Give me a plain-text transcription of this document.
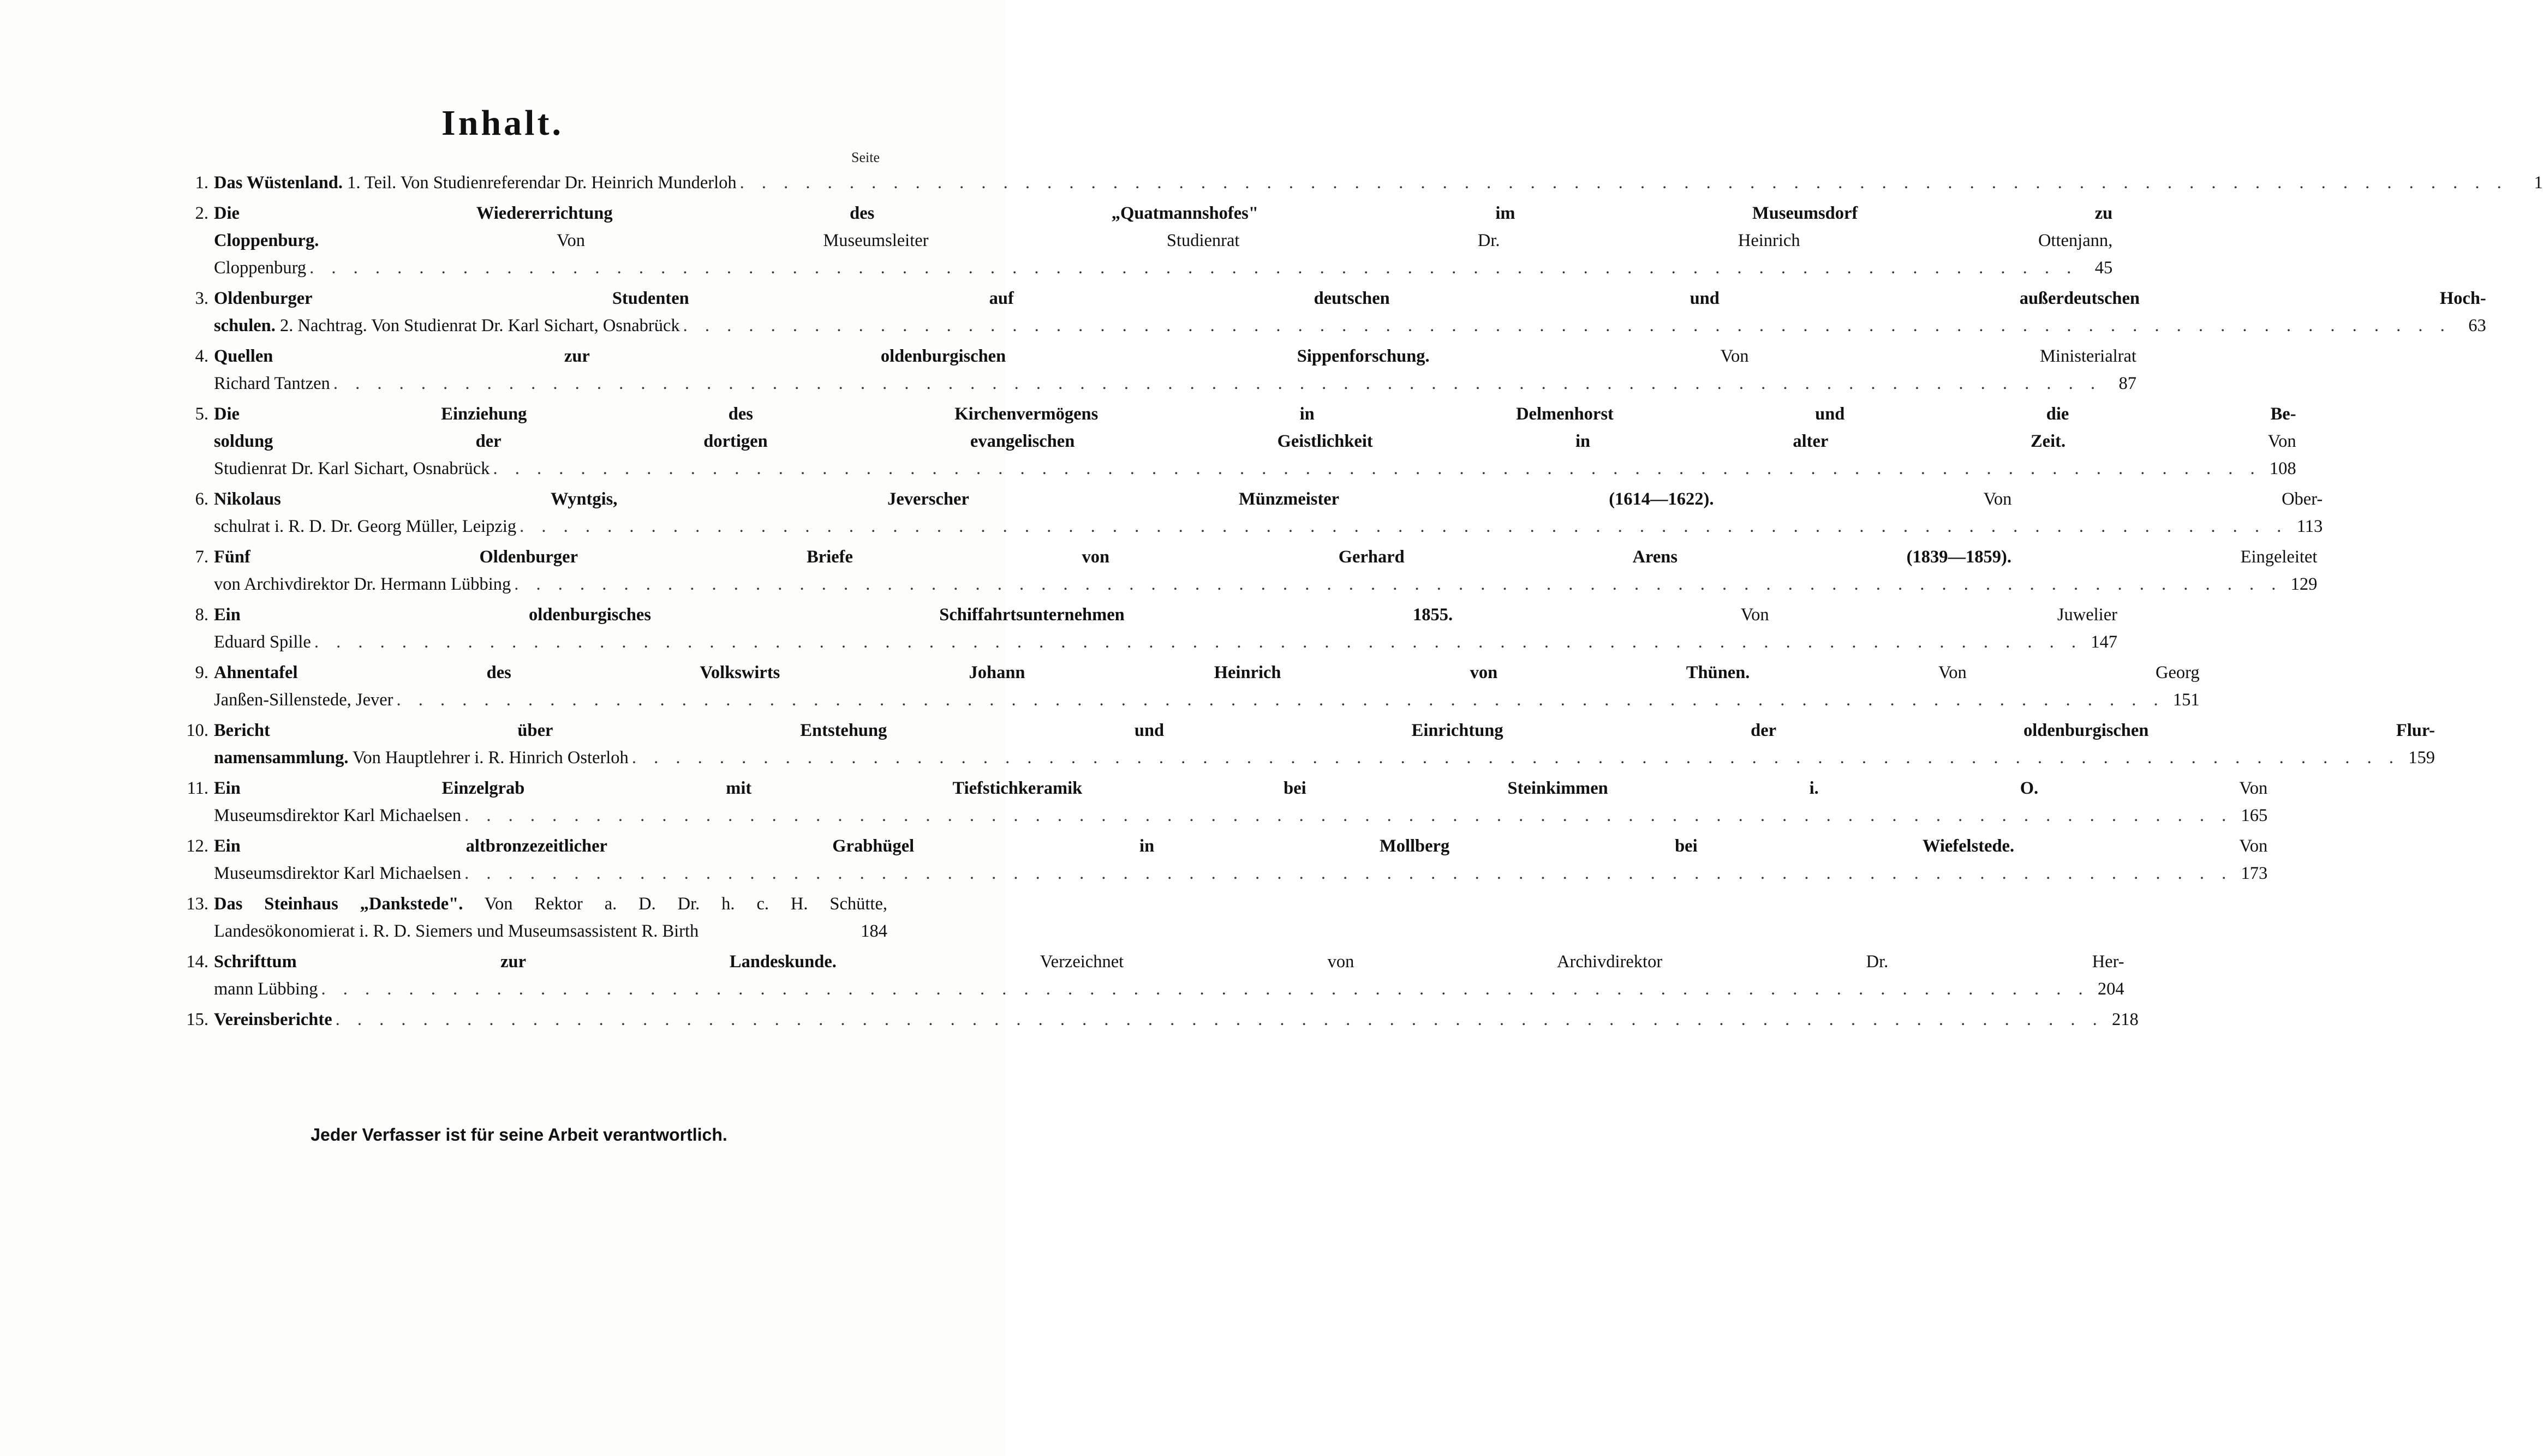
Inhalt.
Seite
1. Das Wüstenland. 1. Teil. Von Studienreferendar Dr. Heinrich Munderloh . . .	1
2. Die Wiedererrichtung des „Quatmannshofes" im Museumsdorf zu
Cloppenburg. Von Museumsleiter Studienrat Dr. Heinrich Ottenjann,
Cloppenburg . . .	45
3. Oldenburger Studenten auf deutschen und außerdeutschen Hoch-
schulen. 2. Nachtrag. Von Studienrat Dr. Karl Sichart, Osnabrück . . .	63
4. Quellen zur oldenburgischen Sippenforschung. Von Ministerialrat
Richard Tantzen . . .	87
5. Die Einziehung des Kirchenvermögens in Delmenhorst und die Be-
soldung der dortigen evangelischen Geistlichkeit in alter Zeit. Von
Studienrat Dr. Karl Sichart, Osnabrück . . .	108
6. Nikolaus Wyntgis, Jeverscher Münzmeister (1614—1622). Von Ober-
schulrat i. R. D. Dr. Georg Müller, Leipzig . . .	113
7. Fünf Oldenburger Briefe von Gerhard Arens (1839—1859). Eingeleitet
von Archivdirektor Dr. Hermann Lübbing . . .	129
8. Ein oldenburgisches Schiffahrtsunternehmen 1855. Von Juwelier
Eduard Spille . . .	147
9. Ahnentafel des Volkswirts Johann Heinrich von Thünen. Von Georg
Janßen-Sillenstede, Jever . . .	151
10. Bericht über Entstehung und Einrichtung der oldenburgischen Flur-
namensammlung. Von Hauptlehrer i. R. Hinrich Osterloh . . .	159
11. Ein Einzelgrab mit Tiefstichkeramik bei Steinkimmen i. O. Von
Museumsdirektor Karl Michaelsen . . .	165
12. Ein altbronzezeitlicher Grabhügel in Mollberg bei Wiefelstede. Von
Museumsdirektor Karl Michaelsen . . .	173
13. Das Steinhaus „Dankstede". Von Rektor a. D. Dr. h. c. H. Schütte,
Landesökonomierat i. R. D. Siemers und Museumsassistent R. Birth	184
14. Schrifttum zur Landeskunde. Verzeichnet von Archivdirektor Dr. Her-
mann Lübbing . . .	204
15. Vereinsberichte . . .	218
Jeder Verfasser ist für seine Arbeit verantwortlich.
